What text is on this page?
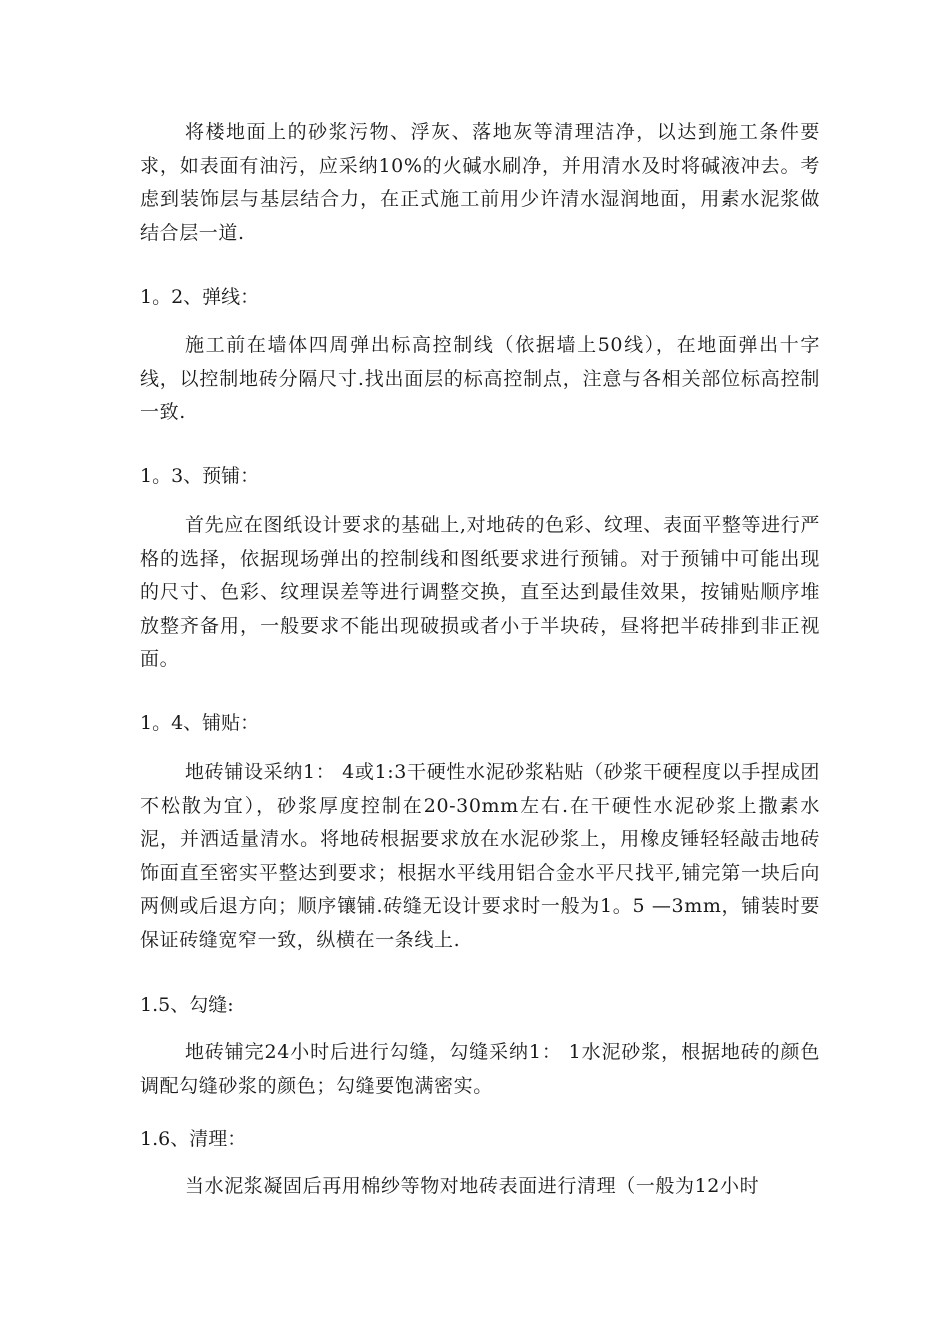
将楼地面上的砂浆污物、浮灰、落地灰等清理洁净，以达到施工条件要求，如表面有油污，应采纳10%的火碱水刷净，并用清水及时将碱液冲去。考虑到装饰层与基层结合力，在正式施工前用少许清水湿润地面，用素水泥浆做结合层一道.

1。2、弹线：

施工前在墙体四周弹出标高控制线（依据墙上50线），在地面弹出十字线，以控制地砖分隔尺寸.找出面层的标高控制点，注意与各相关部位标高控制一致.

1。3、预铺：

首先应在图纸设计要求的基础上,对地砖的色彩、纹理、表面平整等进行严格的选择，依据现场弹出的控制线和图纸要求进行预铺。对于预铺中可能出现的尺寸、色彩、纹理误差等进行调整交换，直至达到最佳效果，按铺贴顺序堆放整齐备用，一般要求不能出现破损或者小于半块砖，昼将把半砖排到非正视面。

1。4、铺贴：

地砖铺设采纳1： 4或1:3干硬性水泥砂浆粘贴（砂浆干硬程度以手捏成团不松散为宜），砂浆厚度控制在20-30mm左右.在干硬性水泥砂浆上撒素水泥，并洒适量清水。将地砖根据要求放在水泥砂浆上，用橡皮锤轻轻敲击地砖饰面直至密实平整达到要求；根据水平线用铝合金水平尺找平,铺完第一块后向两侧或后退方向；顺序镶铺.砖缝无设计要求时一般为1。5 —3mm，铺装时要保证砖缝宽窄一致，纵横在一条线上.

1.5、勾缝:

地砖铺完24小时后进行勾缝，勾缝采纳1： 1水泥砂浆，根据地砖的颜色调配勾缝砂浆的颜色；勾缝要饱满密实。

1.6、清理：

当水泥浆凝固后再用棉纱等物对地砖表面进行清理（一般为12小时
